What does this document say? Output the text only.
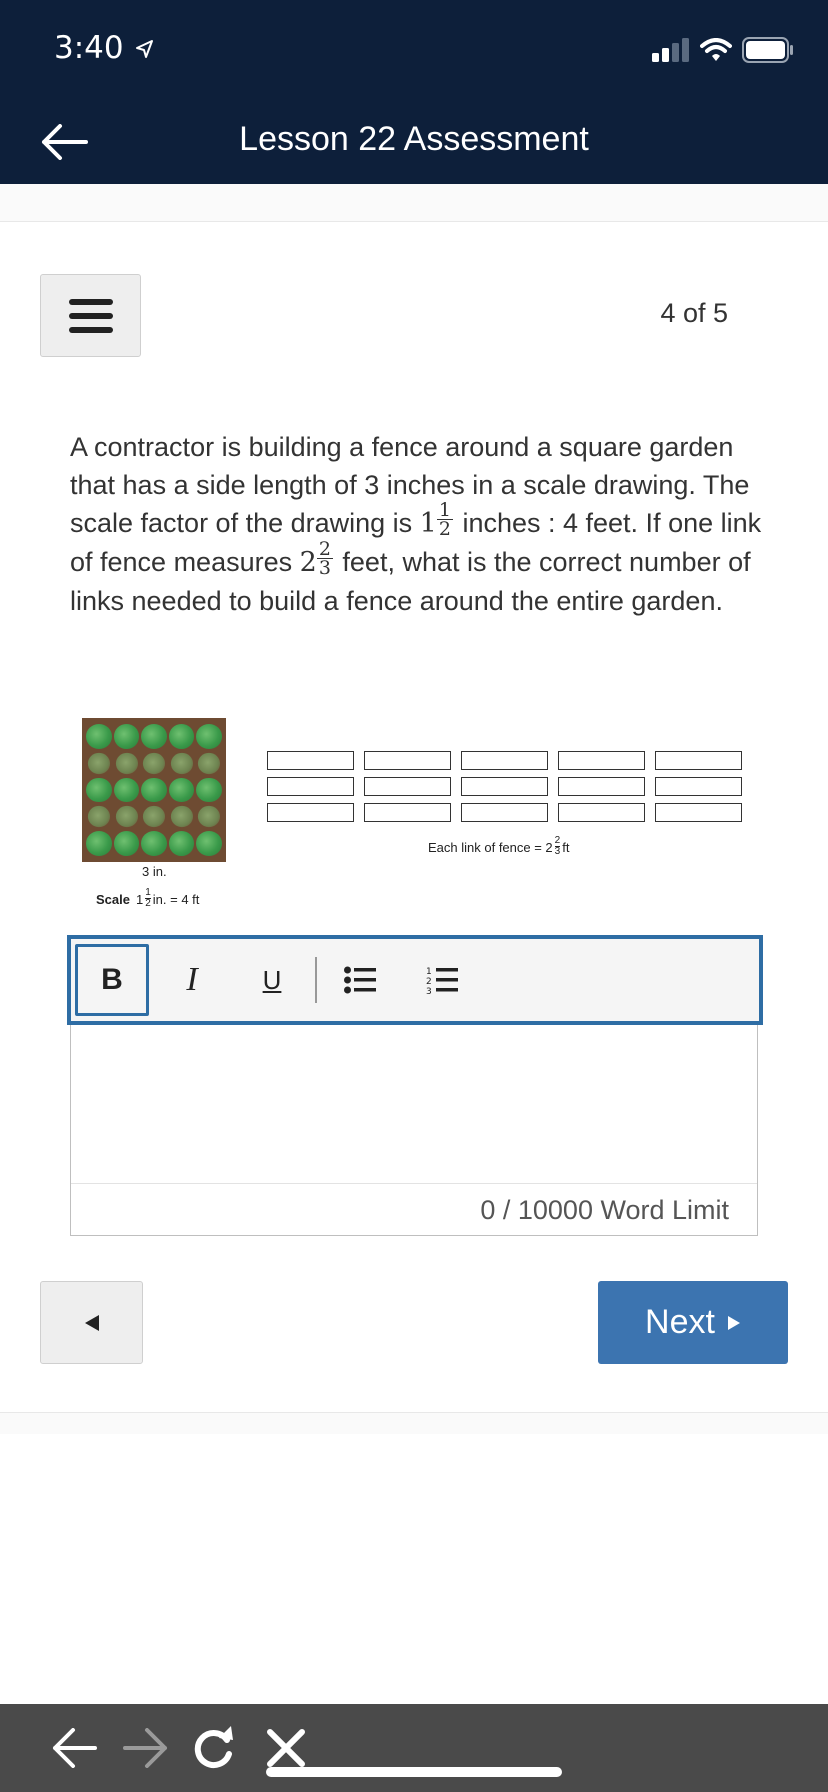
3:40
Lesson 22 Assessment
4 of 5
A contractor is building a fence around a square garden that has a side length of 3 inches in a scale drawing. The scale factor of the drawing is $1 \frac{1}{2}$ inches : 4 feet. If one link of fence measures $2 \frac{2}{3}$ feet, what is the correct number of links needed to build a fence around the entire garden.
3 in.
Scale $1 \frac{1}{2}$ in. = 4 ft
Each link of fence = $2 \frac{2}{3}$ ft
B I U	1
2
3
0 / 10000 Word Limit
Next
